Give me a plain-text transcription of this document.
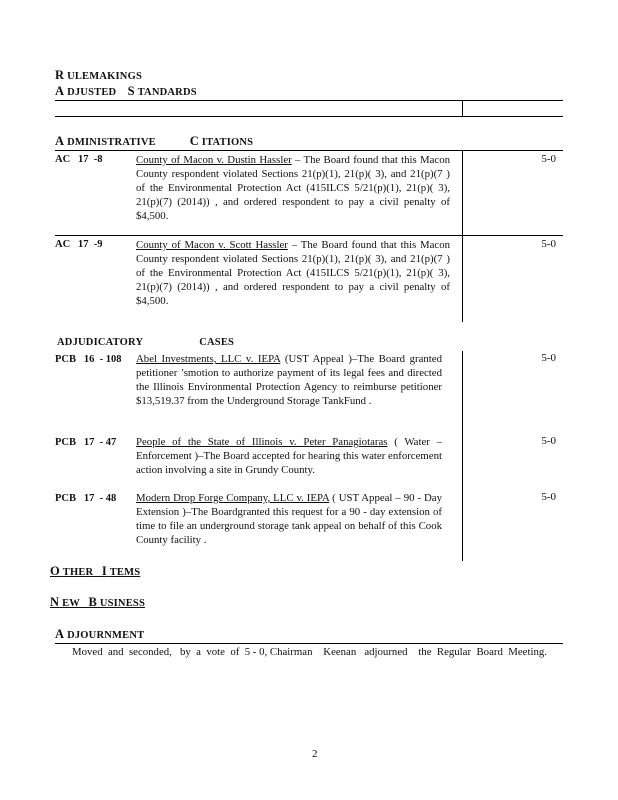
R ULEMAKINGS
A DJUSTED S TANDARDS
A DMINISTRATIVE	C ITATIONS
AC   17  -8	County of Macon v. Dustin Hassler – The Board found that this Macon County respondent violated Sections 21(p)(1), 21(p)( 3), and 21(p)(7 ) of the Environmental Protection Act (415ILCS 5/21(p)(1), 21(p)( 3), 21(p)(7) (2014)) , and ordered respondent to pay a civil penalty of $4,500.
5-0
AC   17  -9	County of Macon v. Scott Hassler – The Board found that this Macon County respondent violated Sections 21(p)(1), 21(p)( 3), and 21(p)(7 ) of the Environmental Protection Act (415ILCS 5/21(p)(1), 21(p)( 3), 21(p)(7) (2014)) , and ordered respondent to pay a civil penalty of $4,500.
5-0
ADJUDICATORY	CASES
PCB   16  - 108 Abel Investments, LLC v. IEPA (UST Appeal )–The Board granted petitioner ’smotion to authorize payment of its legal fees and directed the Illinois Environmental Protection Agency to reimburse petitioner $13,519.37 from the Underground Storage TankFund .
5-0
PCB   17  - 47 People of the State of Illinois v. Peter Panagiotaras ( Water – Enforcement )–The Board accepted for hearing this water enforcement action involving a site in Grundy County.
5-0
PCB   17  - 48 Modern Drop Forge Company, LLC v. IEPA ( UST Appeal – 90 - Day Extension )–The Boardgranted this request for a 90 - day extension of time to file an underground storage tank appeal on behalf of this Cook County facility .
5-0
O THER I TEMS
N EW B USINESS
A DJOURNMENT
Moved  and  seconded,   by  a  vote  of  5 - 0, Chairman    Keenan   adjourned    the  Regular  Board  Meeting.
2
